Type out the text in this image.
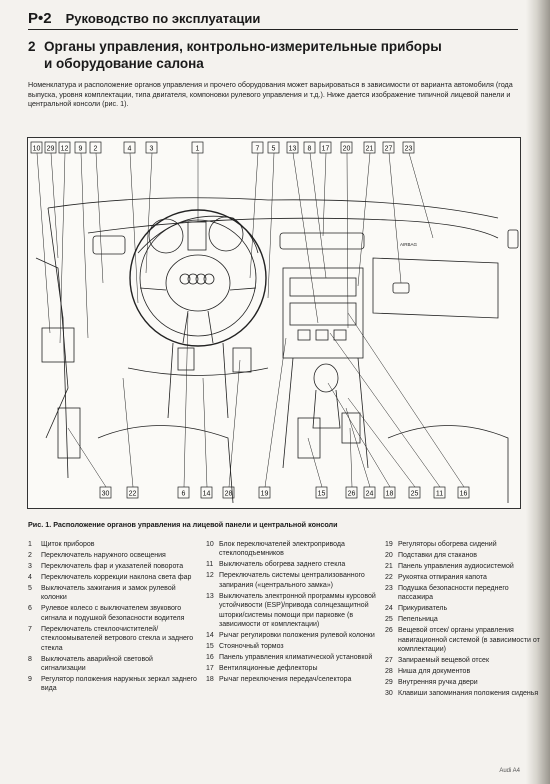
Р•2 Руководство по эксплуатации
2 Органы управления, контрольно-измерительные приборы
и оборудование салона
Номенклатура и расположение органов управления и прочего оборудования может варьироваться в зависимости от варианта автомобиля (года выпуска, уровня комплектации, типа двигателя, компоновки рулевого управления и т.д.). Ниже дается изображение типичной лицевой панели и центральной консоли (рис. 1).
AIRBAG
10 29 12 9 2	4	3	1	7 5 13 8 17 20 21 27 23
30	22	6 14 28	19	15	26 24 18 25 11 16
Рис. 1. Расположение органов управления на лицевой панели и центральной консоли
1	Щиток приборов
2	Переключатель наружного освещения
3	Переключатель фар и указателей поворота
4	Переключатель коррекции наклона света фар
5	Выключатель зажигания и замок рулевой колонки
6	Рулевое колесо с выключателем звукового сигнала и подушкой безопасности водителя
7	Переключатель стеклоочистителей/ стеклоомывателей ветрового стекла и заднего стекла
8	Выключатель аварийной световой сигнализации
9	Регулятор положения наружных зеркал заднего вида
10 Блок переключателей электропривода стеклоподъемников
11 Выключатель обогрева заднего стекла
12 Переключатель системы централизованного запирания («центрального замка»)
13 Выключатель электронной программы курсовой устойчивости (ESP)/привода солнцезащитной шторки/системы помощи при парковке (в зависимости от комплектации)
14 Рычаг регулировки положения рулевой колонки
15 Стояночный тормоз
16 Панель управления климатической установкой
17 Вентиляционные дефлекторы
18 Рычаг переключения передач/селектора
19 Регуляторы обогрева сидений
20 Подставки для стаканов
21 Панель управления аудиосистемой
22 Рукоятка отпирания капота
23 Подушка безопасности переднего пассажира
24 Прикуриватель
25 Пепельница
26 Вещевой отсек/ органы управления навигационной системой (в зависимости от комплектации)
27 Запираемый вещевой отсек
28 Ниша для документов
29 Внутренняя ручка двери
30 Клавиши запоминания положения сиденья
Audi A4
